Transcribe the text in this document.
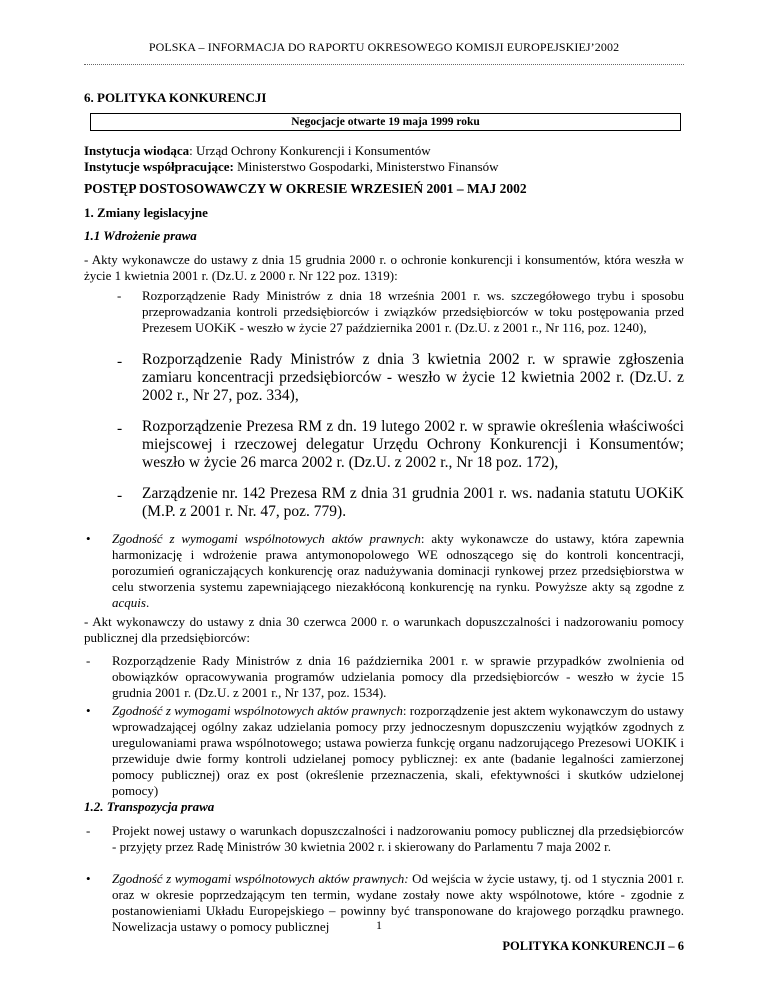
POLSKA – INFORMACJA DO RAPORTU OKRESOWEGO KOMISJI EUROPEJSKIEJ’2002
6. POLITYKA KONKURENCJI
Negocjacje otwarte 19 maja 1999 roku

Instytucja wiodąca: Urząd Ochrony Konkurencji i Konsumentów

Instytucje współpracujące: Ministerstwo Gospodarki, Ministerstwo Finansów

POSTĘP DOSTOSOWAWCZY W OKRESIE WRZESIEŃ 2001 – MAJ 2002
1. Zmiany legislacyjne
1.1 Wdrożenie prawa
- Akty wykonawcze do ustawy z dnia 15 grudnia 2000 r. o ochronie konkurencji i konsumentów, która weszła w życie 1 kwietnia 2001 r. (Dz.U. z 2000 r. Nr 122 poz. 1319):
- Rozporządzenie Rady Ministrów z dnia 18 września 2001 r. ws. szczegółowego trybu i sposobu przeprowadzania kontroli przedsiębiorców i związków przedsiębiorców w toku postępowania przed Prezesem UOKiK - weszło w życie 27 października 2001 r. (Dz.U. z 2001 r., Nr 116, poz. 1240),
- Rozporządzenie Rady Ministrów z dnia 3 kwietnia 2002 r. w sprawie zgłoszenia zamiaru koncentracji przedsiębiorców - weszło w życie 12 kwietnia 2002 r. (Dz.U. z 2002 r., Nr 27, poz. 334),
- Rozporządzenie Prezesa RM z dn. 19 lutego 2002 r. w sprawie określenia właściwości miejscowej i rzeczowej delegatur Urzędu Ochrony Konkurencji i Konsumentów; weszło w życie 26 marca 2002 r. (Dz.U. z 2002 r., Nr 18 poz. 172),
- Zarządzenie nr. 142 Prezesa RM z dnia 31 grudnia 2001 r. ws. nadania statutu UOKiK (M.P. z 2001 r. Nr. 47, poz. 779).
• Zgodność z wymogami wspólnotowych aktów prawnych: akty wykonawcze do ustawy, która zapewnia harmonizację i wdrożenie prawa antymonopolowego WE odnoszącego się do kontroli koncentracji, porozumień ograniczających konkurencję oraz nadużywania dominacji rynkowej przez przedsiębiorstwa w celu stworzenia systemu zapewniającego niezakłóconą konkurencję na rynku. Powyższe akty są zgodne z acquis.
- Akt wykonawczy do ustawy z dnia 30 czerwca 2000 r. o warunkach dopuszczalności i nadzorowaniu pomocy publicznej dla przedsiębiorców:
- Rozporządzenie Rady Ministrów z dnia 16 października 2001 r. w sprawie przypadków zwolnienia od obowiązków opracowywania programów udzielania pomocy dla przedsiębiorców - weszło w życie 15 grudnia 2001 r. (Dz.U. z 2001 r., Nr 137, poz. 1534).
• Zgodność z wymogami wspólnotowych aktów prawnych: rozporządzenie jest aktem wykonawczym do ustawy wprowadzającej ogólny zakaz udzielania pomocy przy jednoczesnym dopuszczeniu wyjątków zgodnych z uregulowaniami prawa wspólnotowego; ustawa powierza funkcję organu nadzorującego Prezesowi UOKIK i przewiduje dwie formy kontroli udzielanej pomocy pyblicznej: ex ante (badanie legalności zamierzonej pomocy publicznej) oraz ex post (określenie przeznaczenia, skali, efektywności i skutków udzielonej pomocy)
1.2. Transpozycja prawa
- Projekt nowej ustawy o warunkach dopuszczalności i nadzorowaniu pomocy publicznej dla przedsiębiorców - przyjęty przez Radę Ministrów 30 kwietnia 2002 r. i skierowany do Parlamentu 7 maja 2002 r.
• Zgodność z wymogami wspólnotowych aktów prawnych: Od wejścia w życie ustawy, tj. od 1 stycznia 2001 r. oraz w okresie poprzedzającym ten termin, wydane zostały nowe akty wspólnotowe, które - zgodnie z postanowieniami Układu Europejskiego – powinny być transponowane do krajowego porządku prawnego. Nowelizacja ustawy o pomocy publicznej	1
POLITYKA KONKURENCJI – 6
